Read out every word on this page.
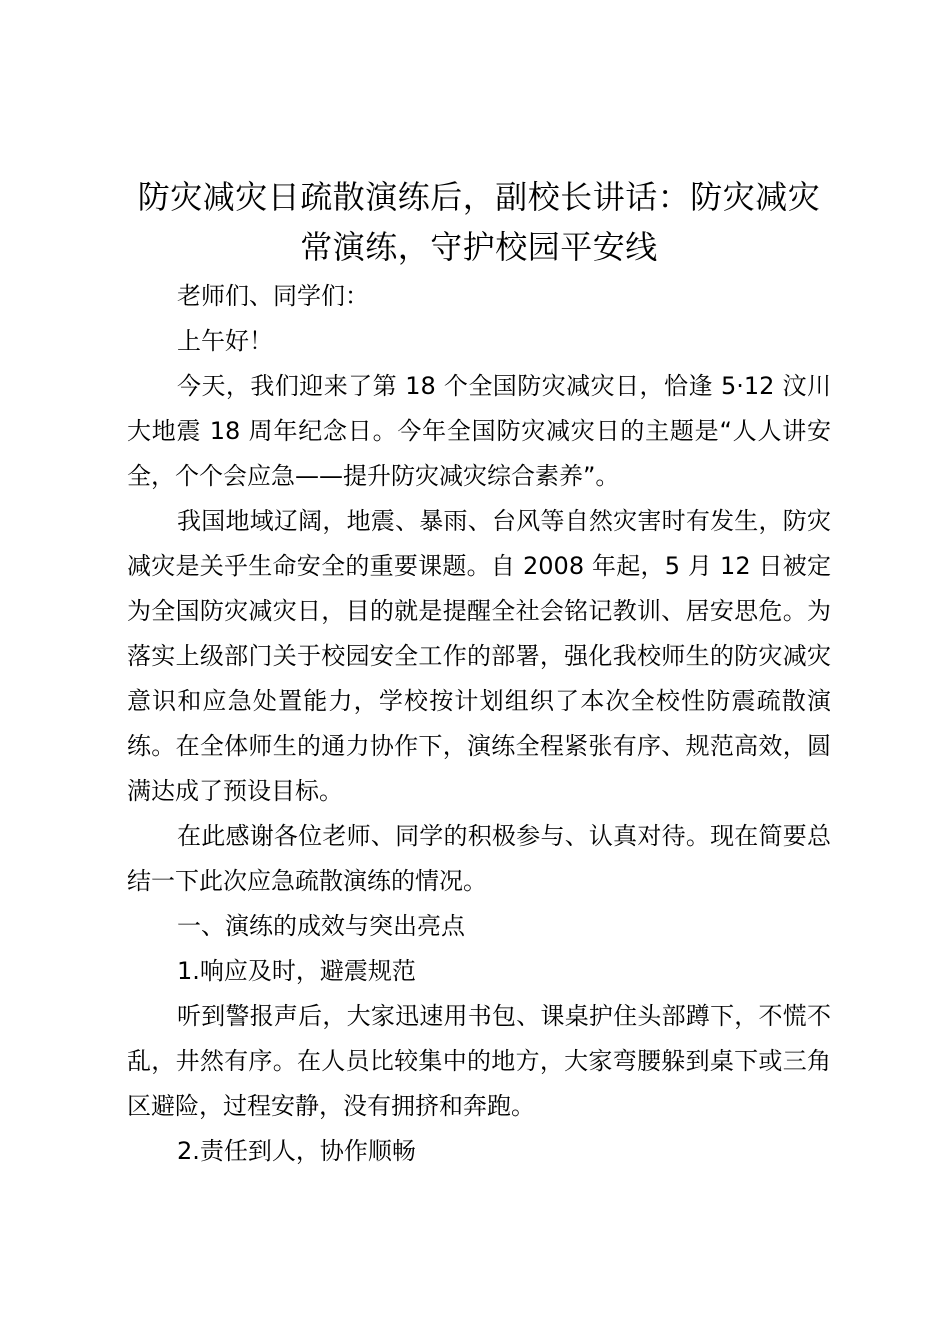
防灾减灾日疏散演练后，副校长讲话：防灾减灾常演练，守护校园平安线

老师们、同学们：

上午好！

今天，我们迎来了第 18 个全国防灾减灾日，恰逢 5·12 汶川大地震 18 周年纪念日。今年全国防灾减灾日的主题是“人人讲安全，个个会应急——提升防灾减灾综合素养”。

我国地域辽阔，地震、暴雨、台风等自然灾害时有发生，防灾减灾是关乎生命安全的重要课题。自 2008 年起，5 月 12 日被定为全国防灾减灾日，目的就是提醒全社会铭记教训、居安思危。为落实上级部门关于校园安全工作的部署，强化我校师生的防灾减灾意识和应急处置能力，学校按计划组织了本次全校性防震疏散演练。在全体师生的通力协作下，演练全程紧张有序、规范高效，圆满达成了预设目标。

在此感谢各位老师、同学的积极参与、认真对待。现在简要总结一下此次应急疏散演练的情况。

一、演练的成效与突出亮点

1.响应及时，避震规范

听到警报声后，大家迅速用书包、课桌护住头部蹲下，不慌不乱，井然有序。在人员比较集中的地方，大家弯腰躲到桌下或三角区避险，过程安静，没有拥挤和奔跑。

2.责任到人，协作顺畅
